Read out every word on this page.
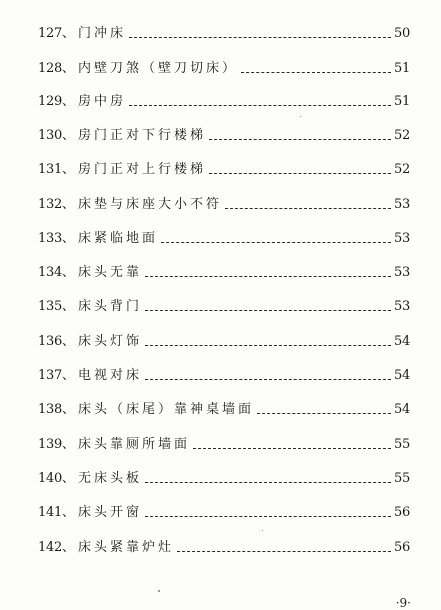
127、 门冲床	50
128、 内壁刀煞（壁刀切床）	51
129、 房中房	51
130、 房门正对下行楼梯	52
131、 房门正对上行楼梯	52
132、 床垫与床座大小不符	53
133、 床紧临地面	53
134、 床头无靠	53
135、 床头背门	53
136、 床头灯饰	54
137、 电视对床	54
138、 床头（床尾）靠神桌墙面	54
139、 床头靠厕所墙面	55
140、 无床头板	55
141、 床头开窗	56
142、 床头紧靠炉灶	56
·9·
